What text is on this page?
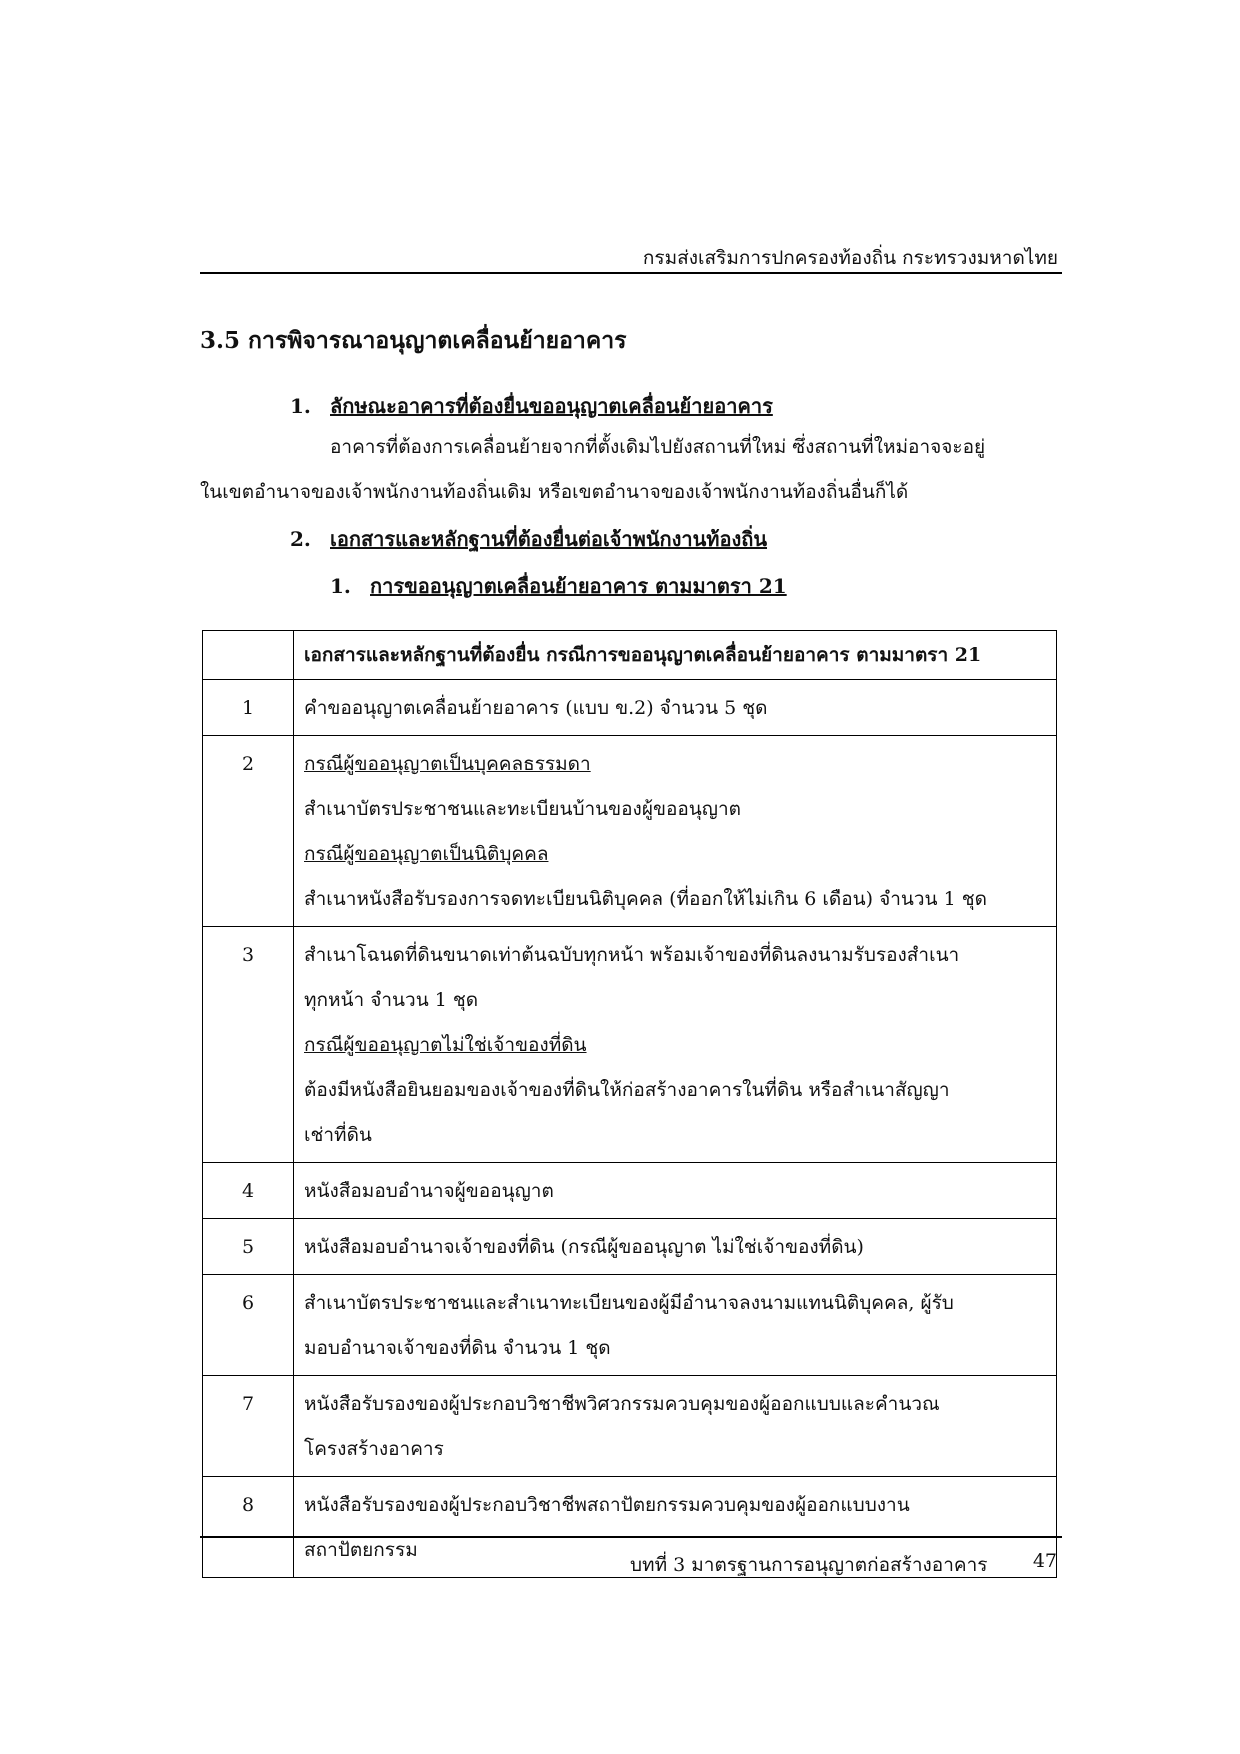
กรมส่งเสริมการปกครองท้องถิ่น กระทรวงมหาดไทย
3.5 การพิจารณาอนุญาตเคลื่อนย้ายอาคาร
1. ลักษณะอาคารที่ต้องยื่นขออนุญาตเคลื่อนย้ายอาคาร
อาคารที่ต้องการเคลื่อนย้ายจากที่ตั้งเดิมไปยังสถานที่ใหม่ ซึ่งสถานที่ใหม่อาจจะอยู่
ในเขตอำนาจของเจ้าพนักงานท้องถิ่นเดิม หรือเขตอำนาจของเจ้าพนักงานท้องถิ่นอื่นก็ได้
2. เอกสารและหลักฐานที่ต้องยื่นต่อเจ้าพนักงานท้องถิ่น
1. การขออนุญาตเคลื่อนย้ายอาคาร ตามมาตรา 21
	เอกสารและหลักฐานที่ต้องยื่น กรณีการขออนุญาตเคลื่อนย้ายอาคาร ตามมาตรา 21
1	คำขออนุญาตเคลื่อนย้ายอาคาร (แบบ ข.2) จำนวน 5 ชุด

2	กรณีผู้ขออนุญาตเป็นบุคคลธรรมดา
สำเนาบัตรประชาชนและทะเบียนบ้านของผู้ขออนุญาต
กรณีผู้ขออนุญาตเป็นนิติบุคคล
สำเนาหนังสือรับรองการจดทะเบียนนิติบุคคล (ที่ออกให้ไม่เกิน 6 เดือน) จำนวน 1 ชุด

3	สำเนาโฉนดที่ดินขนาดเท่าต้นฉบับทุกหน้า พร้อมเจ้าของที่ดินลงนามรับรองสำเนา
ทุกหน้า จำนวน 1 ชุด
กรณีผู้ขออนุญาตไม่ใช่เจ้าของที่ดิน
ต้องมีหนังสือยินยอมของเจ้าของที่ดินให้ก่อสร้างอาคารในที่ดิน หรือสำเนาสัญญา
เช่าที่ดิน

4	หนังสือมอบอำนาจผู้ขออนุญาต

5	หนังสือมอบอำนาจเจ้าของที่ดิน (กรณีผู้ขออนุญาต ไม่ใช่เจ้าของที่ดิน)

6	สำเนาบัตรประชาชนและสำเนาทะเบียนของผู้มีอำนาจลงนามแทนนิติบุคคล, ผู้รับ
มอบอำนาจเจ้าของที่ดิน จำนวน 1 ชุด

7	หนังสือรับรองของผู้ประกอบวิชาชีพวิศวกรรมควบคุมของผู้ออกแบบและคำนวณ
โครงสร้างอาคาร

8	หนังสือรับรองของผู้ประกอบวิชาชีพสถาปัตยกรรมควบคุมของผู้ออกแบบงาน
สถาปัตยกรรม
บทที่ 3 มาตรฐานการอนุญาตก่อสร้างอาคาร 47
